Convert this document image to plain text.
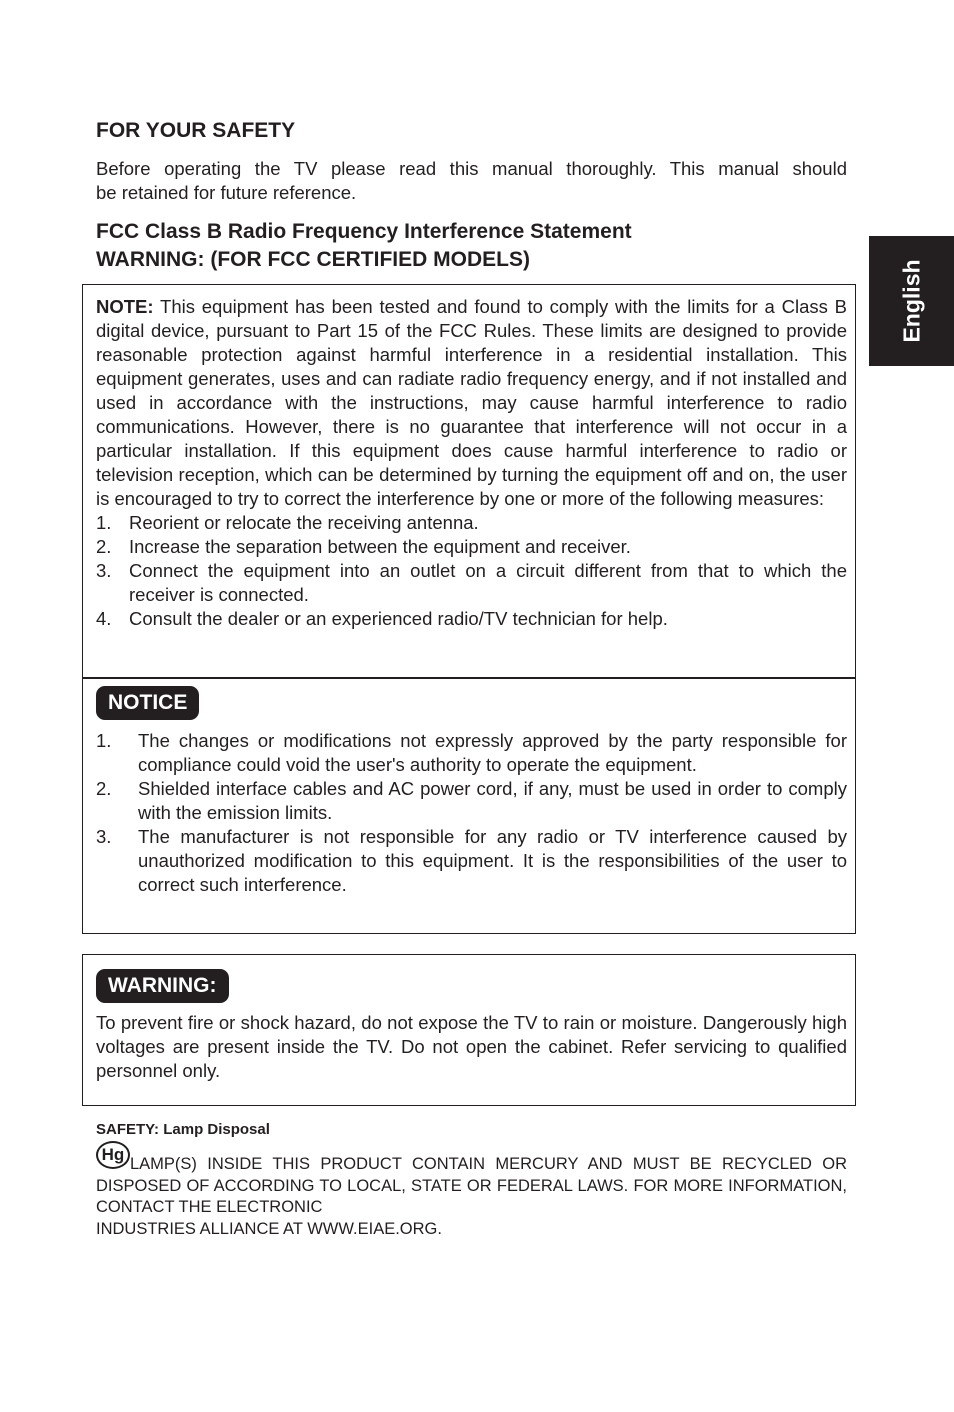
English
FOR YOUR SAFETY
Before operating the TV please read this manual thoroughly. This manual should
be retained for future reference.
FCC Class B Radio Frequency Interference Statement
WARNING: (FOR FCC CERTIFIED MODELS)
NOTE: This equipment has been tested and found to comply with the limits for a Class B digital device, pursuant to Part 15 of the FCC Rules. These limits are designed to provide reasonable protection against harmful interference in a residential installation. This equipment generates, uses and can radiate radio frequency energy, and if not installed and used in accordance with the instructions, may cause harmful interference to radio communications. However, there is no guarantee that interference will not occur in a particular installation. If this equipment does cause harmful interference to radio or television reception, which can be determined by turning the equipment off and on, the user is encouraged to try to correct the interference by one or more of the following measures:
1. Reorient or relocate the receiving antenna.
2. Increase the separation between the equipment and receiver.
3. Connect the equipment into an outlet on a circuit different from that to which the receiver is connected.
4. Consult the dealer or an experienced radio/TV technician for help.
NOTICE
1. The changes or modifications not expressly approved by the party responsible for compliance could void the user's authority to operate the equipment.
2. Shielded interface cables and AC power cord, if any, must be used in order to comply with the emission limits.
3. The manufacturer is not responsible for any radio or TV interference caused by unauthorized modification to this equipment. It is the responsibilities of the user to correct such interference.
WARNING:
To prevent fire or shock hazard, do not expose the TV to rain or moisture. Dangerously high voltages are present inside the TV. Do not open the cabinet. Refer servicing to qualified personnel only.
SAFETY: Lamp Disposal
Hg LAMP(S) INSIDE THIS PRODUCT CONTAIN MERCURY AND MUST BE RECYCLED OR DISPOSED OF ACCORDING TO LOCAL, STATE OR FEDERAL LAWS. FOR MORE INFORMATION, CONTACT THE ELECTRONIC
INDUSTRIES ALLIANCE AT WWW.EIAE.ORG.
